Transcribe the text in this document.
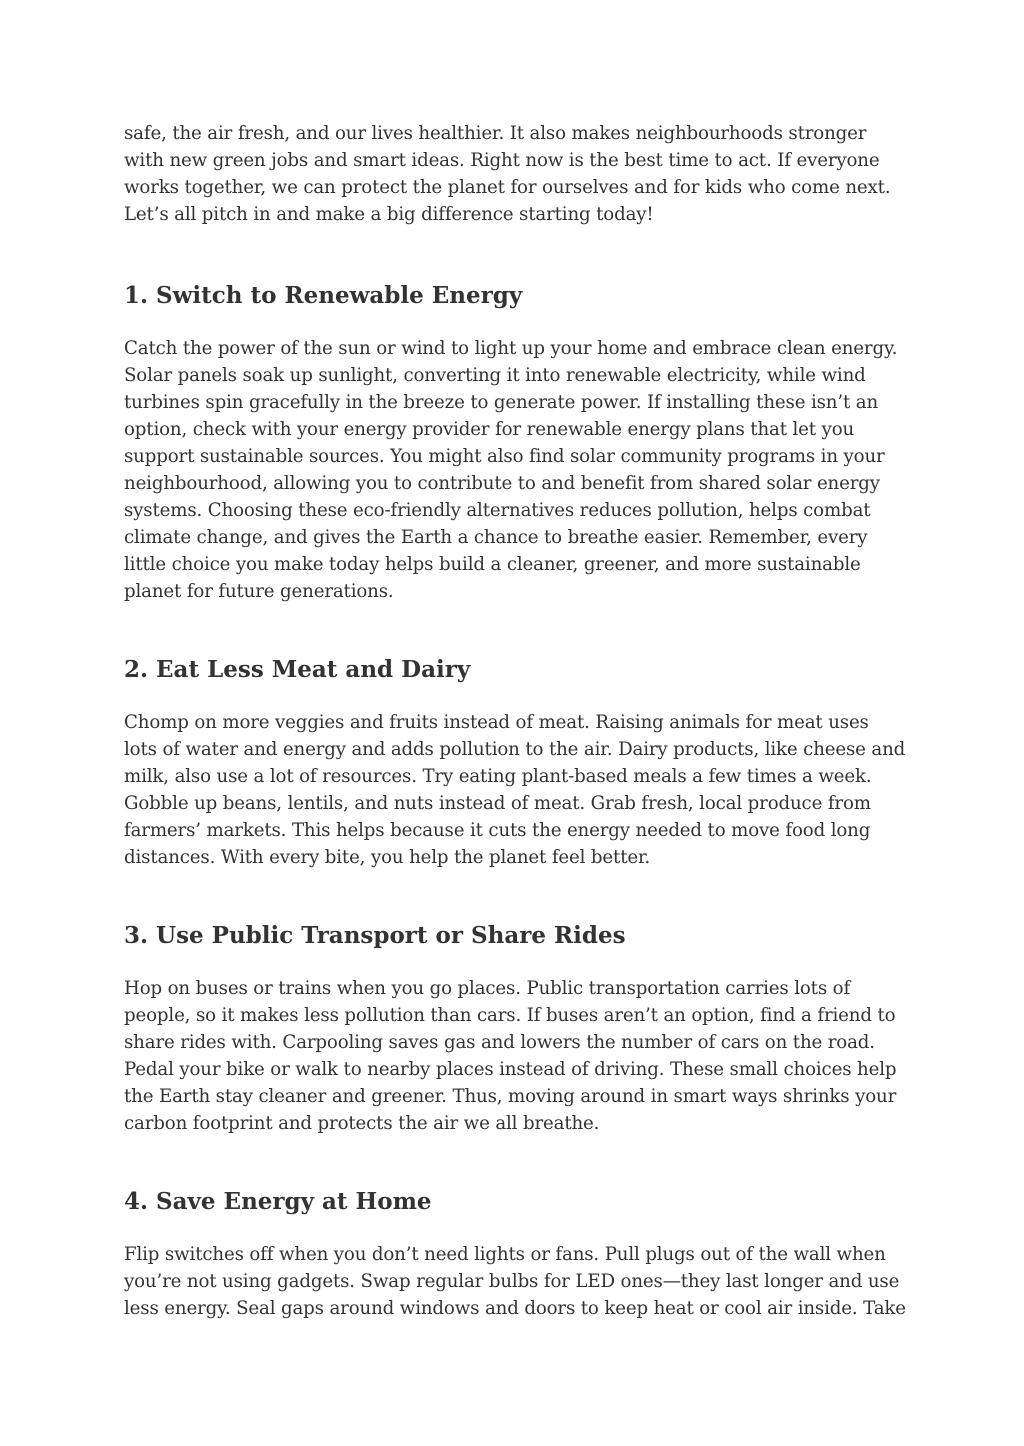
safe, the air fresh, and our lives healthier. It also makes neighbourhoods stronger
with new green jobs and smart ideas. Right now is the best time to act. If everyone
works together, we can protect the planet for ourselves and for kids who come next.
Let’s all pitch in and make a big difference starting today!

1. Switch to Renewable Energy

Catch the power of the sun or wind to light up your home and embrace clean energy.
Solar panels soak up sunlight, converting it into renewable electricity, while wind
turbines spin gracefully in the breeze to generate power. If installing these isn’t an
option, check with your energy provider for renewable energy plans that let you
support sustainable sources. You might also find solar community programs in your
neighbourhood, allowing you to contribute to and benefit from shared solar energy
systems. Choosing these eco-friendly alternatives reduces pollution, helps combat
climate change, and gives the Earth a chance to breathe easier. Remember, every
little choice you make today helps build a cleaner, greener, and more sustainable
planet for future generations.

2. Eat Less Meat and Dairy

Chomp on more veggies and fruits instead of meat. Raising animals for meat uses
lots of water and energy and adds pollution to the air. Dairy products, like cheese and
milk, also use a lot of resources. Try eating plant-based meals a few times a week.
Gobble up beans, lentils, and nuts instead of meat. Grab fresh, local produce from
farmers’ markets. This helps because it cuts the energy needed to move food long
distances. With every bite, you help the planet feel better.

3. Use Public Transport or Share Rides

Hop on buses or trains when you go places. Public transportation carries lots of
people, so it makes less pollution than cars. If buses aren’t an option, find a friend to
share rides with. Carpooling saves gas and lowers the number of cars on the road.
Pedal your bike or walk to nearby places instead of driving. These small choices help
the Earth stay cleaner and greener. Thus, moving around in smart ways shrinks your
carbon footprint and protects the air we all breathe.

4. Save Energy at Home

Flip switches off when you don’t need lights or fans. Pull plugs out of the wall when
you’re not using gadgets. Swap regular bulbs for LED ones—they last longer and use
less energy. Seal gaps around windows and doors to keep heat or cool air inside. Take
